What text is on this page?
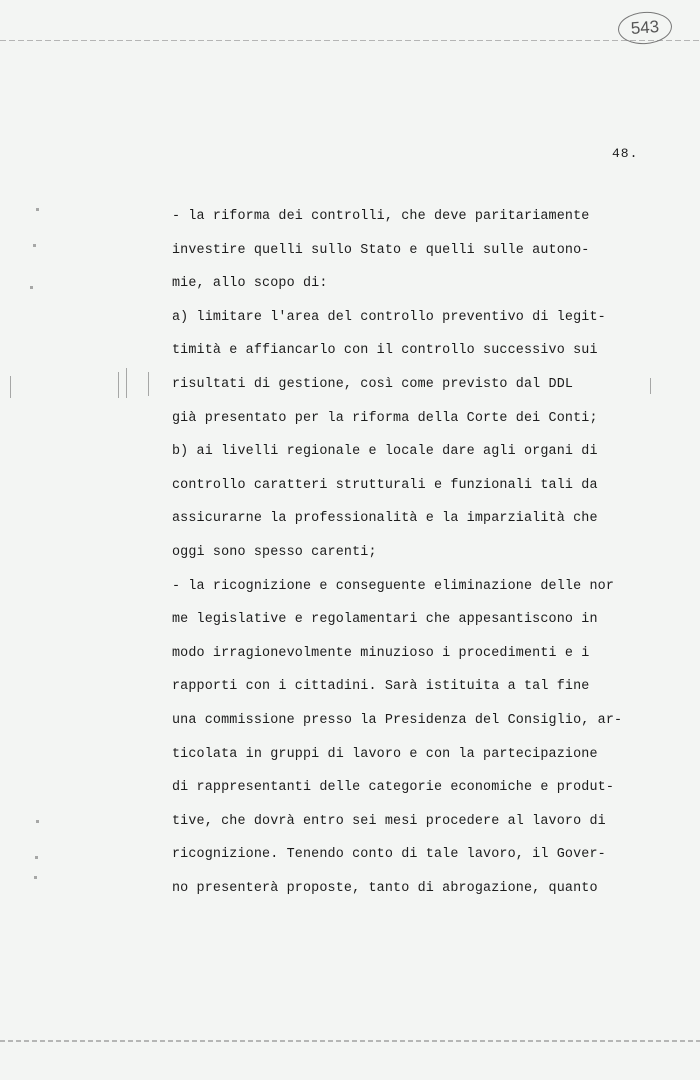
543
48.
- la riforma dei controlli, che deve paritariamente
investire quelli sullo Stato e quelli sulle autono-
mie, allo scopo di:
a) limitare l'area del controllo preventivo di legit-
timità e affiancarlo con il controllo successivo sui
risultati di gestione, così come previsto dal DDL
già presentato per la riforma della Corte dei Conti;
b) ai livelli regionale e locale dare agli organi di
controllo caratteri strutturali e funzionali tali da
assicurarne la professionalità e la imparzialità che
oggi sono spesso carenti;
- la ricognizione e conseguente eliminazione delle nor
me legislative e regolamentari che appesantiscono in
modo irragionevolmente minuzioso i procedimenti e i
rapporti con i cittadini. Sarà istituita a tal fine
una commissione presso la Presidenza del Consiglio, ar-
ticolata in gruppi di lavoro e con la partecipazione
di rappresentanti delle categorie economiche e produt-
tive, che dovrà entro sei mesi procedere al lavoro di
ricognizione. Tenendo conto di tale lavoro, il Gover-
no presenterà proposte, tanto di abrogazione, quanto
